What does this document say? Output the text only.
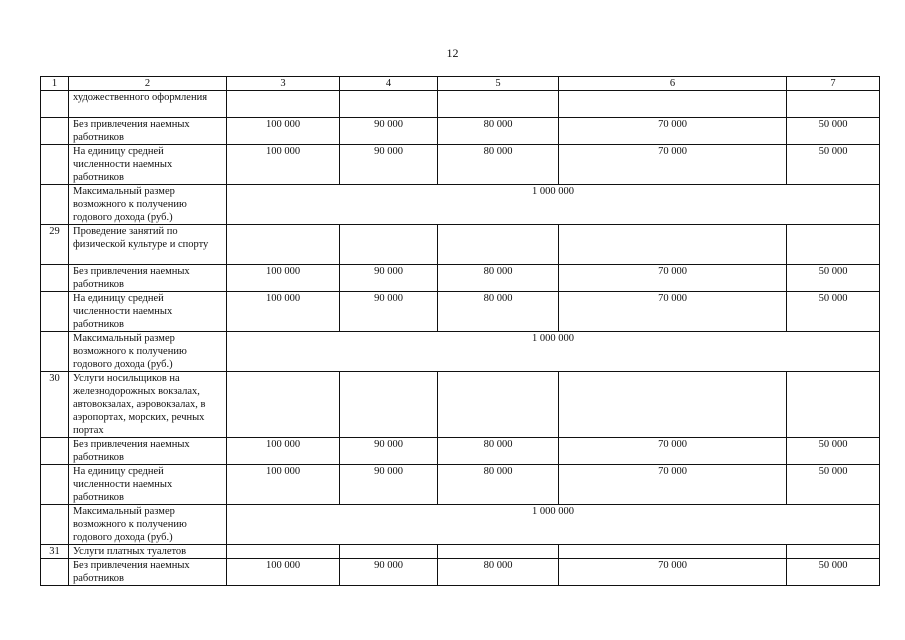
12
1	2	3	4	5	6	7
	художественного оформления					
	Без привлечения наемных работников	100 000	90 000	80 000	70 000	50 000
	На единицу средней численности наемных работников	100 000	90 000	80 000	70 000	50 000
	Максимальный размер возможного к получению годового дохода (руб.)	1 000 000				
29	Проведение занятий по физической культуре и спорту					
	Без привлечения наемных работников	100 000	90 000	80 000	70 000	50 000
	На единицу средней численности наемных работников	100 000	90 000	80 000	70 000	50 000
	Максимальный размер возможного к получению годового дохода (руб.)	1 000 000				
30	Услуги носильщиков на железнодорожных вокзалах, автовокзалах, аэровокзалах, в аэропортах, морских, речных портах					
	Без привлечения наемных работников	100 000	90 000	80 000	70 000	50 000
	На единицу средней численности наемных работников	100 000	90 000	80 000	70 000	50 000
	Максимальный размер возможного к получению годового дохода (руб.)	1 000 000				
31	Услуги платных туалетов					
	Без привлечения наемных работников	100 000	90 000	80 000	70 000	50 000
